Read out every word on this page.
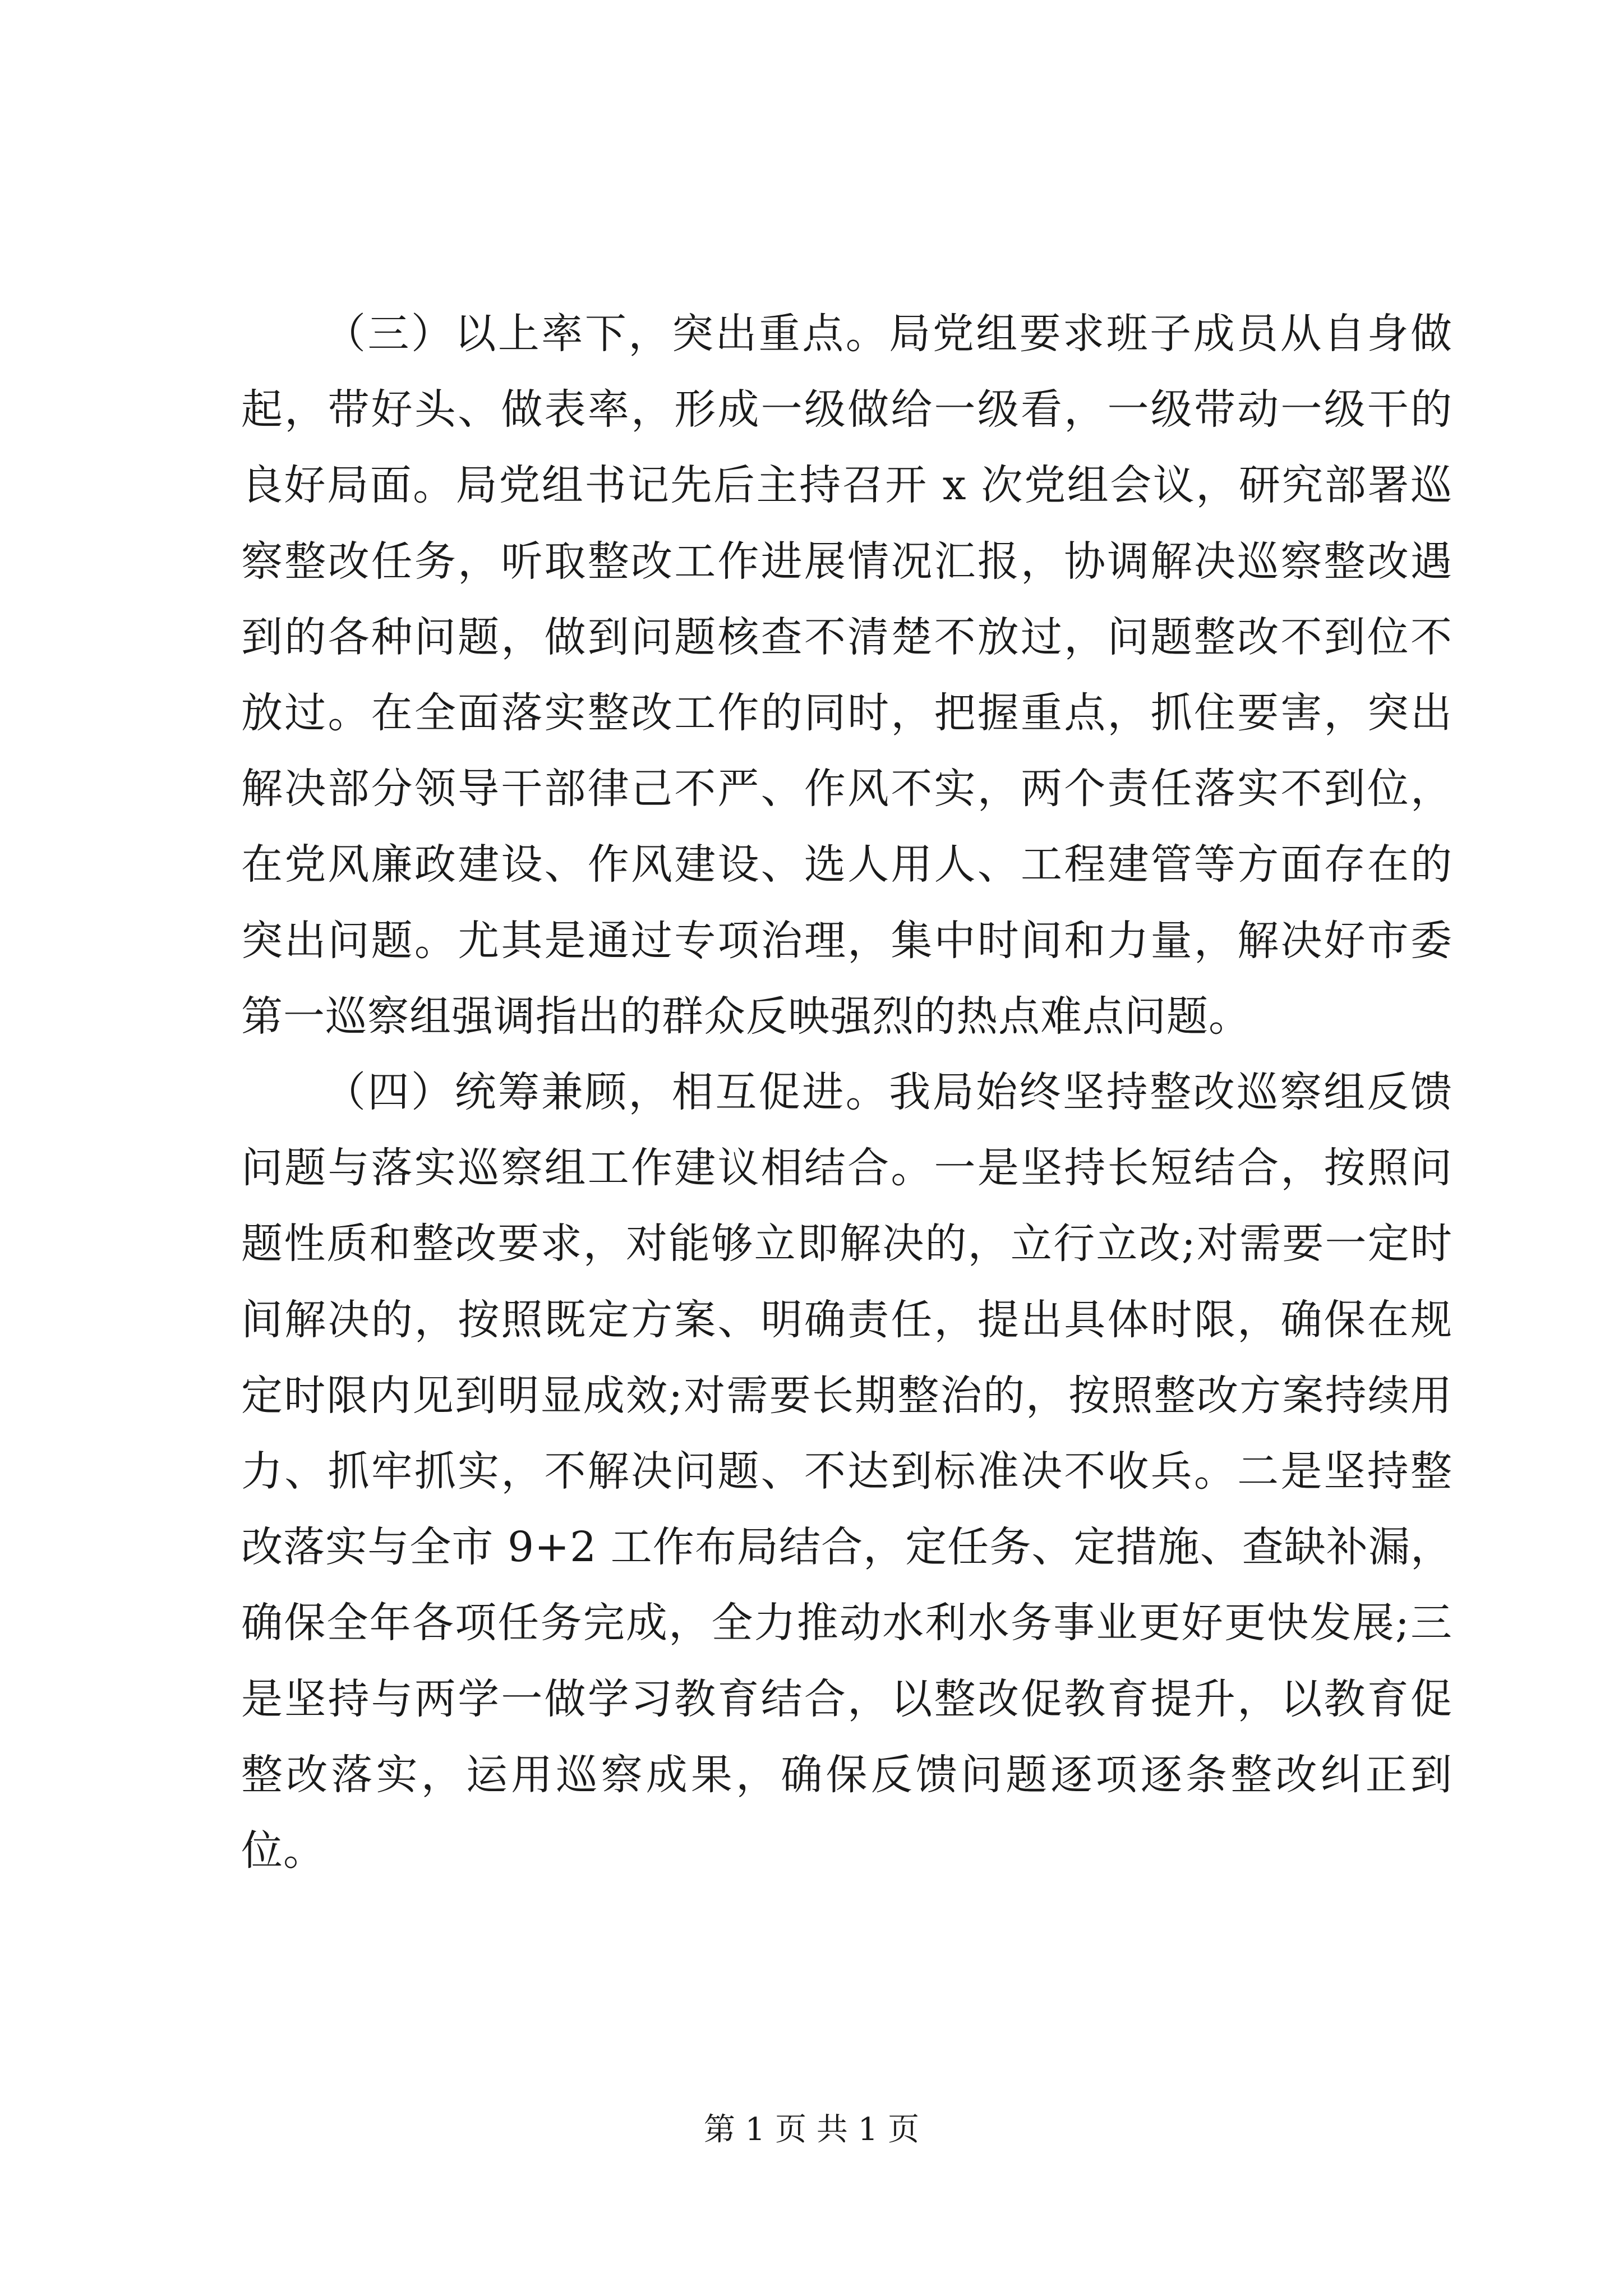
（三）以上率下，突出重点。局党组要求班子成员从自身做起，带好头、做表率，形成一级做给一级看，一级带动一级干的良好局面。局党组书记先后主持召开 x 次党组会议，研究部署巡察整改任务，听取整改工作进展情况汇报，协调解决巡察整改遇到的各种问题，做到问题核查不清楚不放过，问题整改不到位不放过。在全面落实整改工作的同时，把握重点，抓住要害，突出解决部分领导干部律己不严、作风不实，两个责任落实不到位，在党风廉政建设、作风建设、选人用人、工程建管等方面存在的突出问题。尤其是通过专项治理，集中时间和力量，解决好市委第一巡察组强调指出的群众反映强烈的热点难点问题。

（四）统筹兼顾，相互促进。我局始终坚持整改巡察组反馈问题与落实巡察组工作建议相结合。一是坚持长短结合，按照问题性质和整改要求，对能够立即解决的，立行立改;对需要一定时间解决的，按照既定方案、明确责任，提出具体时限，确保在规定时限内见到明显成效;对需要长期整治的，按照整改方案持续用力、抓牢抓实，不解决问题、不达到标准决不收兵。二是坚持整改落实与全市 9+2 工作布局结合，定任务、定措施、查缺补漏，确保全年各项任务完成，全力推动水利水务事业更好更快发展;三是坚持与两学一做学习教育结合，以整改促教育提升，以教育促整改落实，运用巡察成果，确保反馈问题逐项逐条整改纠正到位。

第 1 页 共 1 页
